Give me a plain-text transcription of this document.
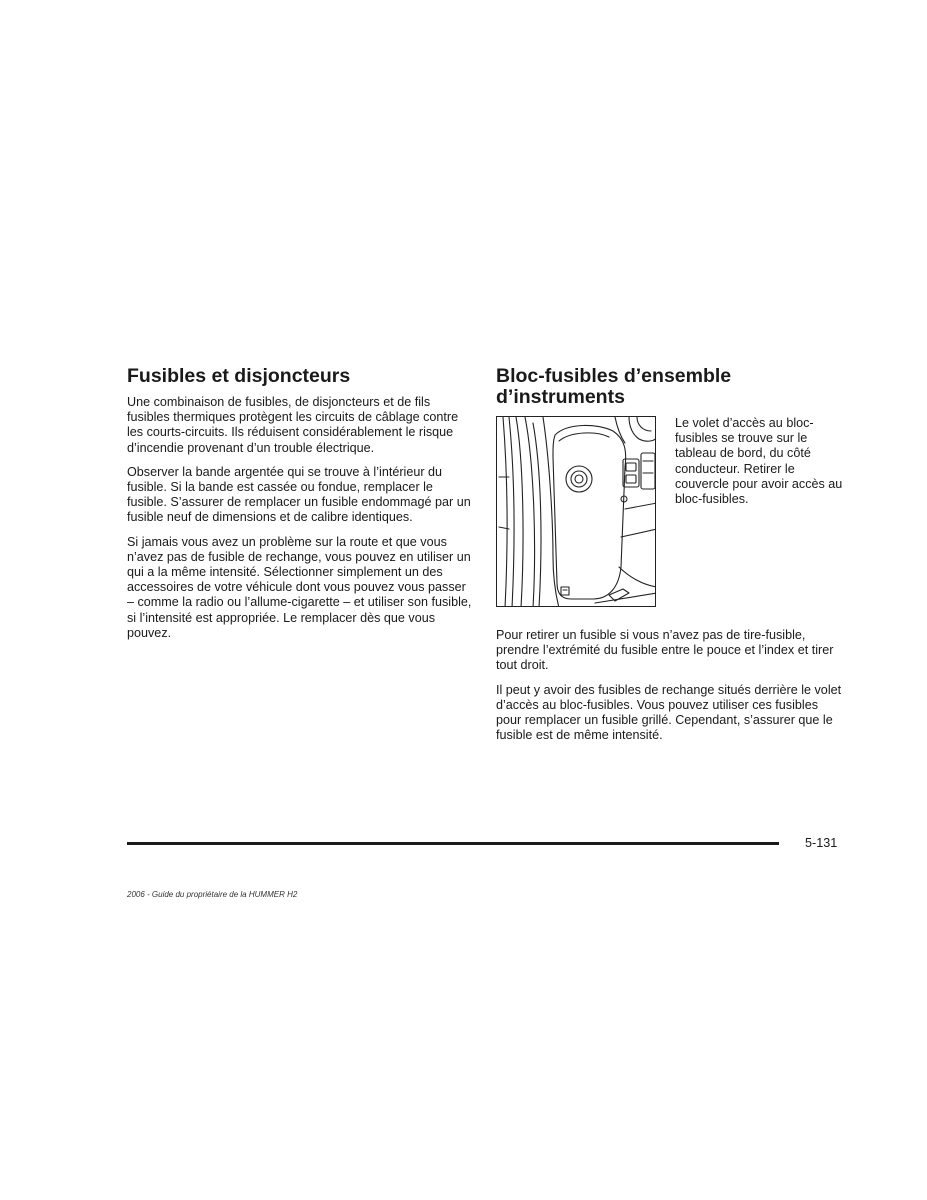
Fusibles et disjoncteurs

Une combinaison de fusibles, de disjoncteurs et de fils fusibles thermiques protègent les circuits de câblage contre les courts-circuits. Ils réduisent considérablement le risque d’incendie provenant d’un trouble électrique.

Observer la bande argentée qui se trouve à l’intérieur du fusible. Si la bande est cassée ou fondue, remplacer le fusible. S’assurer de remplacer un fusible endommagé par un fusible neuf de dimensions et de calibre identiques.

Si jamais vous avez un problème sur la route et que vous n’avez pas de fusible de rechange, vous pouvez en utiliser un qui a la même intensité. Sélectionner simplement un des accessoires de votre véhicule dont vous pouvez vous passer – comme la radio ou l’allume-cigarette – et utiliser son fusible, si l’intensité est appropriée. Le remplacer dès que vous pouvez.

Bloc-fusibles d’ensemble d’instruments

Le volet d’accès au bloc-fusibles se trouve sur le tableau de bord, du côté conducteur. Retirer le couvercle pour avoir accès au bloc-fusibles.

Pour retirer un fusible si vous n’avez pas de tire-fusible, prendre l’extrémité du fusible entre le pouce et l’index et tirer tout droit.

Il peut y avoir des fusibles de rechange situés derrière le volet d’accès au bloc-fusibles. Vous pouvez utiliser ces fusibles pour remplacer un fusible grillé. Cependant, s’assurer que le fusible est de même intensité.

5-131
2006 - Guide du propriétaire de la HUMMER H2
